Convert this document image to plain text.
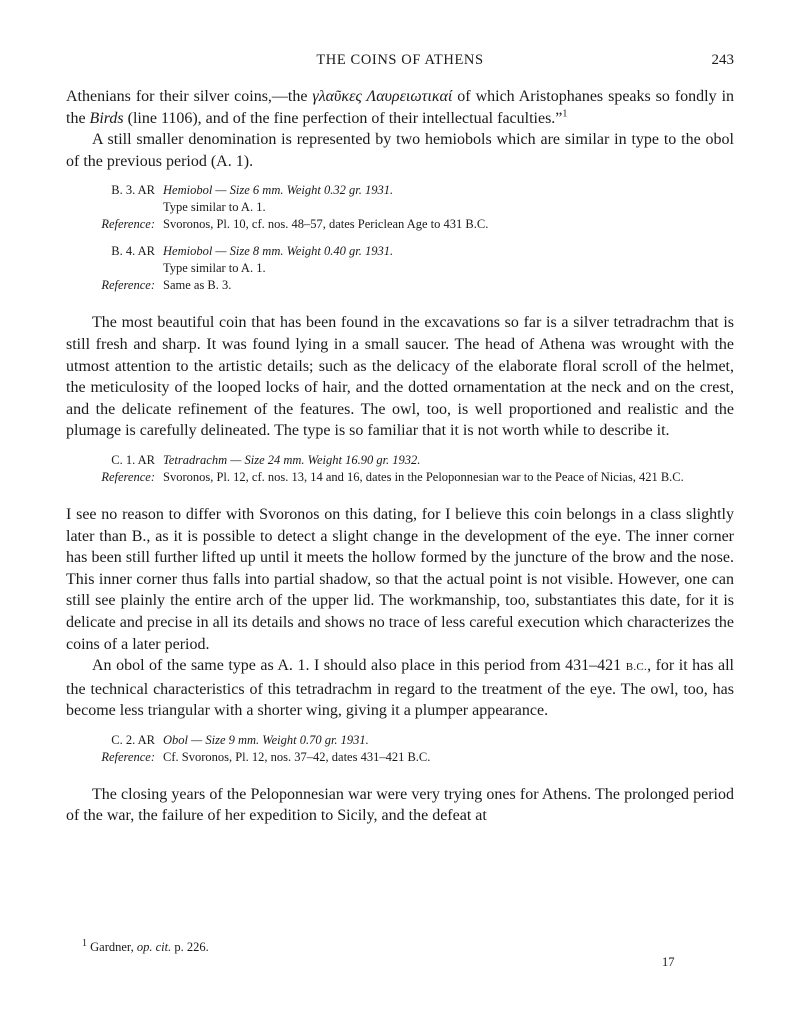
THE COINS OF ATHENS	243

Athenians for their silver coins,—the γλαῦκες Λαυρειωτικαί of which Aristophanes speaks so fondly in the Birds (line 1106), and of the fine perfection of their intellectual faculties.”$^1$

A still smaller denomination is represented by two hemiobols which are similar in type to the obol of the previous period (A. 1).

B. 3. AR Hemiobol — Size 6 mm. Weight 0.32 gr. 1931.
Type similar to A. 1.
Reference: Svoronos, Pl. 10, cf. nos. 48–57, dates Periclean Age to 431 B.C.
B. 4. AR Hemiobol — Size 8 mm. Weight 0.40 gr. 1931.
Type similar to A. 1.
Reference: Same as B. 3.

The most beautiful coin that has been found in the excavations so far is a silver tetradrachm that is still fresh and sharp. It was found lying in a small saucer. The head of Athena was wrought with the utmost attention to the artistic details; such as the delicacy of the elaborate floral scroll of the helmet, the meticulosity of the looped locks of hair, and the dotted ornamentation at the neck and on the crest, and the delicate refinement of the features. The owl, too, is well proportioned and realistic and the plumage is carefully delineated. The type is so familiar that it is not worth while to describe it.

C. 1. AR Tetradrachm — Size 24 mm. Weight 16.90 gr. 1932.
Reference: Svoronos, Pl. 12, cf. nos. 13, 14 and 16, dates in the Peloponnesian war to the Peace of Nicias, 421 B.C.

I see no reason to differ with Svoronos on this dating, for I believe this coin belongs in a class slightly later than B., as it is possible to detect a slight change in the development of the eye. The inner corner has been still further lifted up until it meets the hollow formed by the juncture of the brow and the nose. This inner corner thus falls into partial shadow, so that the actual point is not visible. However, one can still see plainly the entire arch of the upper lid. The workmanship, too, substantiates this date, for it is delicate and precise in all its details and shows no trace of less careful execution which characterizes the coins of a later period.

An obol of the same type as A. 1. I should also place in this period from 431–421 B.C., for it has all the technical characteristics of this tetradrachm in regard to the treatment of the eye. The owl, too, has become less triangular with a shorter wing, giving it a plumper appearance.

C. 2. AR Obol — Size 9 mm. Weight 0.70 gr. 1931.
Reference: Cf. Svoronos, Pl. 12, nos. 37–42, dates 431–421 B.C.

The closing years of the Peloponnesian war were very trying ones for Athens. The prolonged period of the war, the failure of her expedition to Sicily, and the defeat at

$^1$ Gardner, op. cit. p. 226.
17
